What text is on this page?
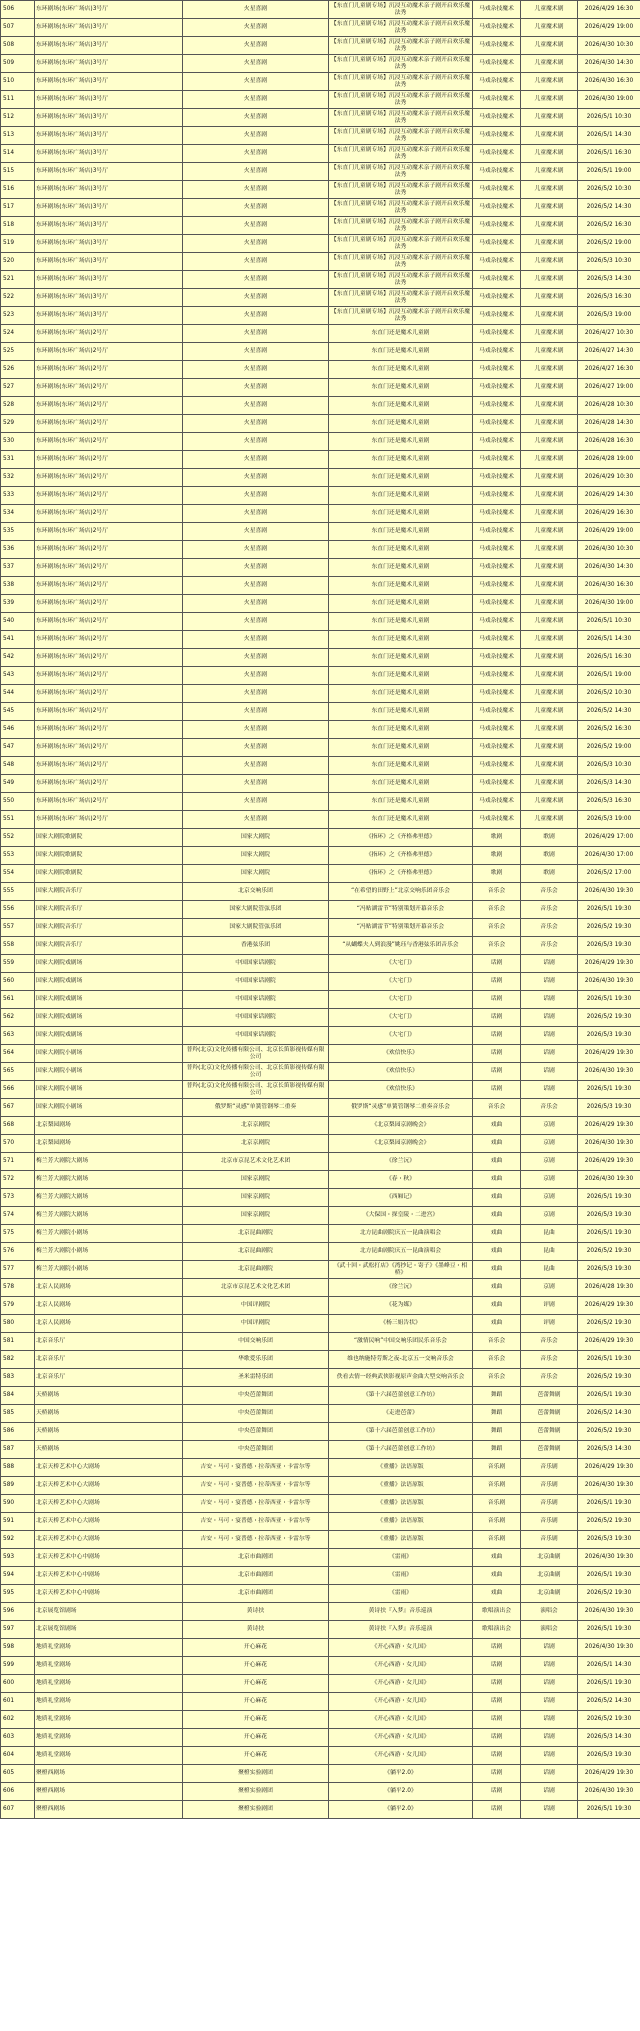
506	东环剧场(东环广场店)3号厅	火星喜剧	【东直门儿童剧专场】沉浸互动魔术亲子剧开启欢乐魔法秀	马戏杂技魔术	儿童魔术剧	2026/4/29 16:30
507	东环剧场(东环广场店)3号厅	火星喜剧	【东直门儿童剧专场】沉浸互动魔术亲子剧开启欢乐魔法秀	马戏杂技魔术	儿童魔术剧	2026/4/29 19:00
508	东环剧场(东环广场店)3号厅	火星喜剧	【东直门儿童剧专场】沉浸互动魔术亲子剧开启欢乐魔法秀	马戏杂技魔术	儿童魔术剧	2026/4/30 10:30
509	东环剧场(东环广场店)3号厅	火星喜剧	【东直门儿童剧专场】沉浸互动魔术亲子剧开启欢乐魔法秀	马戏杂技魔术	儿童魔术剧	2026/4/30 14:30
510	东环剧场(东环广场店)3号厅	火星喜剧	【东直门儿童剧专场】沉浸互动魔术亲子剧开启欢乐魔法秀	马戏杂技魔术	儿童魔术剧	2026/4/30 16:30
511	东环剧场(东环广场店)3号厅	火星喜剧	【东直门儿童剧专场】沉浸互动魔术亲子剧开启欢乐魔法秀	马戏杂技魔术	儿童魔术剧	2026/4/30 19:00
512	东环剧场(东环广场店)3号厅	火星喜剧	【东直门儿童剧专场】沉浸互动魔术亲子剧开启欢乐魔法秀	马戏杂技魔术	儿童魔术剧	2026/5/1 10:30
513	东环剧场(东环广场店)3号厅	火星喜剧	【东直门儿童剧专场】沉浸互动魔术亲子剧开启欢乐魔法秀	马戏杂技魔术	儿童魔术剧	2026/5/1 14:30
514	东环剧场(东环广场店)3号厅	火星喜剧	【东直门儿童剧专场】沉浸互动魔术亲子剧开启欢乐魔法秀	马戏杂技魔术	儿童魔术剧	2026/5/1 16:30
515	东环剧场(东环广场店)3号厅	火星喜剧	【东直门儿童剧专场】沉浸互动魔术亲子剧开启欢乐魔法秀	马戏杂技魔术	儿童魔术剧	2026/5/1 19:00
516	东环剧场(东环广场店)3号厅	火星喜剧	【东直门儿童剧专场】沉浸互动魔术亲子剧开启欢乐魔法秀	马戏杂技魔术	儿童魔术剧	2026/5/2 10:30
517	东环剧场(东环广场店)3号厅	火星喜剧	【东直门儿童剧专场】沉浸互动魔术亲子剧开启欢乐魔法秀	马戏杂技魔术	儿童魔术剧	2026/5/2 14:30
518	东环剧场(东环广场店)3号厅	火星喜剧	【东直门儿童剧专场】沉浸互动魔术亲子剧开启欢乐魔法秀	马戏杂技魔术	儿童魔术剧	2026/5/2 16:30
519	东环剧场(东环广场店)3号厅	火星喜剧	【东直门儿童剧专场】沉浸互动魔术亲子剧开启欢乐魔法秀	马戏杂技魔术	儿童魔术剧	2026/5/2 19:00
520	东环剧场(东环广场店)3号厅	火星喜剧	【东直门儿童剧专场】沉浸互动魔术亲子剧开启欢乐魔法秀	马戏杂技魔术	儿童魔术剧	2026/5/3 10:30
521	东环剧场(东环广场店)3号厅	火星喜剧	【东直门儿童剧专场】沉浸互动魔术亲子剧开启欢乐魔法秀	马戏杂技魔术	儿童魔术剧	2026/5/3 14:30
522	东环剧场(东环广场店)3号厅	火星喜剧	【东直门儿童剧专场】沉浸互动魔术亲子剧开启欢乐魔法秀	马戏杂技魔术	儿童魔术剧	2026/5/3 16:30
523	东环剧场(东环广场店)3号厅	火星喜剧	【东直门儿童剧专场】沉浸互动魔术亲子剧开启欢乐魔法秀	马戏杂技魔术	儿童魔术剧	2026/5/3 19:00
524	东环剧场(东环广场店)2号厅	火星喜剧	东直门还是魔术儿童剧	马戏杂技魔术	儿童魔术剧	2026/4/27 10:30
525	东环剧场(东环广场店)2号厅	火星喜剧	东直门还是魔术儿童剧	马戏杂技魔术	儿童魔术剧	2026/4/27 14:30
526	东环剧场(东环广场店)2号厅	火星喜剧	东直门还是魔术儿童剧	马戏杂技魔术	儿童魔术剧	2026/4/27 16:30
527	东环剧场(东环广场店)2号厅	火星喜剧	东直门还是魔术儿童剧	马戏杂技魔术	儿童魔术剧	2026/4/27 19:00
528	东环剧场(东环广场店)2号厅	火星喜剧	东直门还是魔术儿童剧	马戏杂技魔术	儿童魔术剧	2026/4/28 10:30
529	东环剧场(东环广场店)2号厅	火星喜剧	东直门还是魔术儿童剧	马戏杂技魔术	儿童魔术剧	2026/4/28 14:30
530	东环剧场(东环广场店)2号厅	火星喜剧	东直门还是魔术儿童剧	马戏杂技魔术	儿童魔术剧	2026/4/28 16:30
531	东环剧场(东环广场店)2号厅	火星喜剧	东直门还是魔术儿童剧	马戏杂技魔术	儿童魔术剧	2026/4/28 19:00
532	东环剧场(东环广场店)2号厅	火星喜剧	东直门还是魔术儿童剧	马戏杂技魔术	儿童魔术剧	2026/4/29 10:30
533	东环剧场(东环广场店)2号厅	火星喜剧	东直门还是魔术儿童剧	马戏杂技魔术	儿童魔术剧	2026/4/29 14:30
534	东环剧场(东环广场店)2号厅	火星喜剧	东直门还是魔术儿童剧	马戏杂技魔术	儿童魔术剧	2026/4/29 16:30
535	东环剧场(东环广场店)2号厅	火星喜剧	东直门还是魔术儿童剧	马戏杂技魔术	儿童魔术剧	2026/4/29 19:00
536	东环剧场(东环广场店)2号厅	火星喜剧	东直门还是魔术儿童剧	马戏杂技魔术	儿童魔术剧	2026/4/30 10:30
537	东环剧场(东环广场店)2号厅	火星喜剧	东直门还是魔术儿童剧	马戏杂技魔术	儿童魔术剧	2026/4/30 14:30
538	东环剧场(东环广场店)2号厅	火星喜剧	东直门还是魔术儿童剧	马戏杂技魔术	儿童魔术剧	2026/4/30 16:30
539	东环剧场(东环广场店)2号厅	火星喜剧	东直门还是魔术儿童剧	马戏杂技魔术	儿童魔术剧	2026/4/30 19:00
540	东环剧场(东环广场店)2号厅	火星喜剧	东直门还是魔术儿童剧	马戏杂技魔术	儿童魔术剧	2026/5/1 10:30
541	东环剧场(东环广场店)2号厅	火星喜剧	东直门还是魔术儿童剧	马戏杂技魔术	儿童魔术剧	2026/5/1 14:30
542	东环剧场(东环广场店)2号厅	火星喜剧	东直门还是魔术儿童剧	马戏杂技魔术	儿童魔术剧	2026/5/1 16:30
543	东环剧场(东环广场店)2号厅	火星喜剧	东直门还是魔术儿童剧	马戏杂技魔术	儿童魔术剧	2026/5/1 19:00
544	东环剧场(东环广场店)2号厅	火星喜剧	东直门还是魔术儿童剧	马戏杂技魔术	儿童魔术剧	2026/5/2 10:30
545	东环剧场(东环广场店)2号厅	火星喜剧	东直门还是魔术儿童剧	马戏杂技魔术	儿童魔术剧	2026/5/2 14:30
546	东环剧场(东环广场店)2号厅	火星喜剧	东直门还是魔术儿童剧	马戏杂技魔术	儿童魔术剧	2026/5/2 16:30
547	东环剧场(东环广场店)2号厅	火星喜剧	东直门还是魔术儿童剧	马戏杂技魔术	儿童魔术剧	2026/5/2 19:00
548	东环剧场(东环广场店)2号厅	火星喜剧	东直门还是魔术儿童剧	马戏杂技魔术	儿童魔术剧	2026/5/3 10:30
549	东环剧场(东环广场店)2号厅	火星喜剧	东直门还是魔术儿童剧	马戏杂技魔术	儿童魔术剧	2026/5/3 14:30
550	东环剧场(东环广场店)2号厅	火星喜剧	东直门还是魔术儿童剧	马戏杂技魔术	儿童魔术剧	2026/5/3 16:30
551	东环剧场(东环广场店)2号厅	火星喜剧	东直门还是魔术儿童剧	马戏杂技魔术	儿童魔术剧	2026/5/3 19:00
552	国家大剧院歌剧院	国家大剧院	《指环》之《齐格弗里德》	歌剧	歌剧	2026/4/29 17:00
553	国家大剧院歌剧院	国家大剧院	《指环》之《齐格弗里德》	歌剧	歌剧	2026/4/30 17:00
554	国家大剧院歌剧院	国家大剧院	《指环》之《齐格弗里德》	歌剧	歌剧	2026/5/2 17:00
555	国家大剧院音乐厅	北京交响乐团	“在希望的田野上”北京交响乐团音乐会	音乐会	音乐会	2026/4/30 19:30
556	国家大剧院音乐厅	国家大剧院管弦乐团	“冯贴湖雷节”特别策划开幕音乐会	音乐会	音乐会	2026/5/1 19:30
557	国家大剧院音乐厅	国家大剧院管弦乐团	“冯贴湖雷节”特别策划开幕音乐会	音乐会	音乐会	2026/5/2 19:30
558	国家大剧院音乐厅	香港弦乐团	“从蝴蝶夫人到浪漫”姚珏与香港弦乐团音乐会	音乐会	音乐会	2026/5/3 19:30
559	国家大剧院戏剧场	中国国家话剧院	《大宅门》	话剧	话剧	2026/4/29 19:30
560	国家大剧院戏剧场	中国国家话剧院	《大宅门》	话剧	话剧	2026/4/30 19:30
561	国家大剧院戏剧场	中国国家话剧院	《大宅门》	话剧	话剧	2026/5/1 19:30
562	国家大剧院戏剧场	中国国家话剧院	《大宅门》	话剧	话剧	2026/5/2 19:30
563	国家大剧院戏剧场	中国国家话剧院	《大宅门》	话剧	话剧	2026/5/3 19:30
564	国家大剧院小剧场	普羚(北京)文化传播有限公司、北京长笛影视传媒有限公司	《欢信快乐》	话剧	话剧	2026/4/29 19:30
565	国家大剧院小剧场	普羚(北京)文化传播有限公司、北京长笛影视传媒有限公司	《欢信快乐》	话剧	话剧	2026/4/30 19:30
566	国家大剧院小剧场	普羚(北京)文化传播有限公司、北京长笛影视传媒有限公司	《欢信快乐》	话剧	话剧	2026/5/1 19:30
567	国家大剧院小剧场	俄罗斯“灵感”单簧管钢琴二重奏	俄罗斯“灵感”单簧管钢琴二重奏音乐会	音乐会	音乐会	2026/5/3 19:30
568	北京梨园剧场	北京京剧院	《北京梨园京剧晚会》	戏曲	京剧	2026/4/29 19:30
570	北京梨园剧场	北京京剧院	《北京梨园京剧晚会》	戏曲	京剧	2026/4/30 19:30
571	梅兰芳大剧院大剧场	北京市京昆艺术文化艺术团	《徐兰沅》	戏曲	京剧	2026/4/29 19:30
572	梅兰芳大剧院大剧场	国家京剧院	《春・秋》	戏曲	京剧	2026/4/30 19:30
573	梅兰芳大剧院大剧场	国家京剧院	《西厢记》	戏曲	京剧	2026/5/1 19:30
574	梅兰芳大剧院大剧场	国家京剧院	《大保国・探皇陵・二进宫》	戏曲	京剧	2026/5/3 19:30
575	梅兰芳大剧院小剧场	北京昆曲剧院	北方昆曲剧院庆五一昆曲演唱会	戏曲	昆曲	2026/5/1 19:30
576	梅兰芳大剧院小剧场	北京昆曲剧院	北方昆曲剧院庆五一昆曲演唱会	戏曲	昆曲	2026/5/2 19:30
577	梅兰芳大剧院小剧场	北京昆曲剧院	《武十回・武松打店》《湾抄记・寄子》《墨峰豆・相桥》	戏曲	昆曲	2026/5/3 19:30
578	北京人民剧场	北京市京昆艺术文化艺术团	《徐兰沅》	戏曲	京剧	2026/4/28 19:30
579	北京人民剧场	中国评剧院	《花为媒》	戏曲	评剧	2026/4/29 19:30
580	北京人民剧场	中国评剧院	《杨三姐告状》	戏曲	评剧	2026/5/2 19:30
581	北京音乐厅	中国交响乐团	“激情民响”中国交响乐团民乐音乐会	音乐会	音乐会	2026/4/29 19:30
582	北京音乐厅	华歌爱乐乐团	维也纳施特劳斯之夜-北京五一交响音乐会	音乐会	音乐会	2026/5/1 19:30
583	北京音乐厅	圣米雷特乐团	佚看去情一经典武侠影视原声金曲大型交响音乐会	音乐会	音乐会	2026/5/2 19:30
584	天桥剧场	中央芭蕾舞团	《第十六届芭蕾创意工作坊》	舞蹈	芭蕾舞剧	2026/5/1 19:30
585	天桥剧场	中央芭蕾舞团	《走进芭蕾》	舞蹈	芭蕾舞剧	2026/5/2 14:30
586	天桥剧场	中央芭蕾舞团	《第十六届芭蕾创意工作坊》	舞蹈	芭蕾舞剧	2026/5/2 19:30
587	天桥剧场	中央芭蕾舞团	《第十六届芭蕾创意工作坊》	舞蹈	芭蕾舞剧	2026/5/3 14:30
588	北京天桥艺术中心大剧场	吉安・马可・宴普德・拉蒂西亚・卡雷尔等	《重播》法语原版	音乐剧	音乐剧	2026/4/29 19:30
589	北京天桥艺术中心大剧场	吉安・马可・宴普德・拉蒂西亚・卡雷尔等	《重播》法语原版	音乐剧	音乐剧	2026/4/30 19:30
590	北京天桥艺术中心大剧场	吉安・马可・宴普德・拉蒂西亚・卡雷尔等	《重播》法语原版	音乐剧	音乐剧	2026/5/1 19:30
591	北京天桥艺术中心大剧场	吉安・马可・宴普德・拉蒂西亚・卡雷尔等	《重播》法语原版	音乐剧	音乐剧	2026/5/2 19:30
592	北京天桥艺术中心大剧场	吉安・马可・宴普德・拉蒂西亚・卡雷尔等	《重播》法语原版	音乐剧	音乐剧	2026/5/3 19:30
593	北京天桥艺术中心中剧场	北京市曲剧团	《雷雨》	戏曲	北京曲剧	2026/4/30 19:30
594	北京天桥艺术中心中剧场	北京市曲剧团	《雷雨》	戏曲	北京曲剧	2026/5/1 19:30
595	北京天桥艺术中心中剧场	北京市曲剧团	《雷雨》	戏曲	北京曲剧	2026/5/2 19:30
596	北京展览馆剧场	黄诗扶	黄诗扶『入梦』音乐巡演	歌唱演出会	演唱会	2026/4/30 19:30
597	北京展览馆剧场	黄诗扶	黄诗扶『入梦』音乐巡演	歌唱演出会	演唱会	2026/5/1 19:30
598	地质礼堂剧场	开心麻花	《开心西游・女儿国》	话剧	话剧	2026/4/30 19:30
599	地质礼堂剧场	开心麻花	《开心西游・女儿国》	话剧	话剧	2026/5/1 14:30
600	地质礼堂剧场	开心麻花	《开心西游・女儿国》	话剧	话剧	2026/5/1 19:30
601	地质礼堂剧场	开心麻花	《开心西游・女儿国》	话剧	话剧	2026/5/2 14:30
602	地质礼堂剧场	开心麻花	《开心西游・女儿国》	话剧	话剧	2026/5/2 19:30
603	地质礼堂剧场	开心麻花	《开心西游・女儿国》	话剧	话剧	2026/5/3 14:30
604	地质礼堂剧场	开心麻花	《开心西游・女儿国》	话剧	话剧	2026/5/3 19:30
605	聚橙西剧场	聚橙实验剧团	《躺平2.0》	话剧	话剧	2026/4/29 19:30
606	聚橙西剧场	聚橙实验剧团	《躺平2.0》	话剧	话剧	2026/4/30 19:30
607	聚橙西剧场	聚橙实验剧团	《躺平2.0》	话剧	话剧	2026/5/1 19:30
